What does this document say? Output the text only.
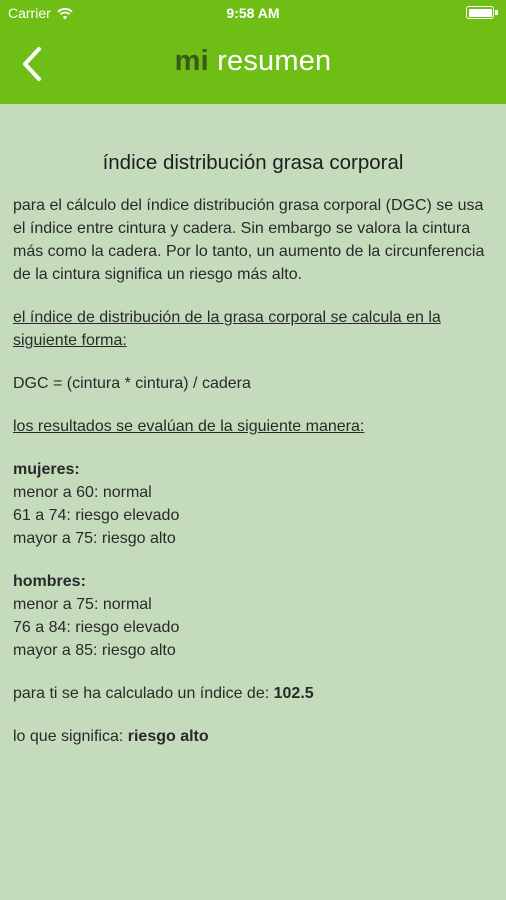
Carrier	9:58 AM
mi resumen
índice distribución grasa corporal

para el cálculo del índice distribución grasa corporal (DGC) se usa el índice entre cintura y cadera. Sin embargo se valora la cintura más como la cadera. Por lo tanto, un aumento de la circunferencia de la cintura significa un riesgo más alto.

el índice de distribución de la grasa corporal se calcula en la siguiente forma:

DGC = (cintura * cintura) / cadera

los resultados se evalúan de la siguiente manera:

mujeres:

menor a 60: normal

61 a 74: riesgo elevado

mayor a 75: riesgo alto

hombres:

menor a 75: normal

76 a 84: riesgo elevado

mayor a 85: riesgo alto

para ti se ha calculado un índice de: 102.5

lo que significa: riesgo alto
